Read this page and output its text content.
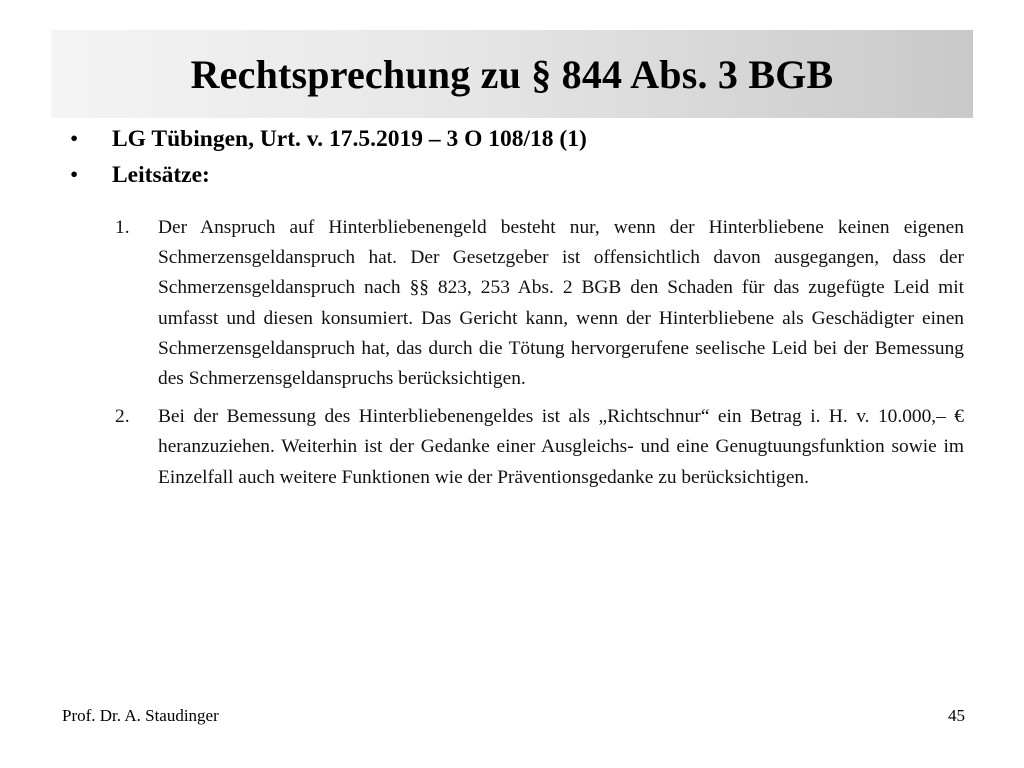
Rechtsprechung zu § 844 Abs. 3 BGB
• LG Tübingen, Urt. v. 17.5.2019 – 3 O 108/18 (1)
• Leitsätze:
1. Der Anspruch auf Hinterbliebenengeld besteht nur, wenn der Hinterbliebene keinen eigenen Schmerzensgeldanspruch hat. Der Gesetzgeber ist offensichtlich davon ausgegangen, dass der Schmerzensgeldanspruch nach §§ 823, 253 Abs. 2 BGB den Schaden für das zugefügte Leid mit umfasst und diesen konsumiert. Das Gericht kann, wenn der Hinterbliebene als Geschädigter einen Schmerzensgeldanspruch hat, das durch die Tötung hervorgerufene seelische Leid bei der Bemessung des Schmerzensgeldanspruchs berücksichtigen.
2. Bei der Bemessung des Hinterbliebenengeldes ist als „Richtschnur“ ein Betrag i. H. v. 10.000,– € heranzuziehen. Weiterhin ist der Gedanke einer Ausgleichs- und eine Genugtuungsfunktion sowie im Einzelfall auch weitere Funktionen wie der Präventionsgedanke zu berücksichtigen.
Prof. Dr. A. Staudinger	45
